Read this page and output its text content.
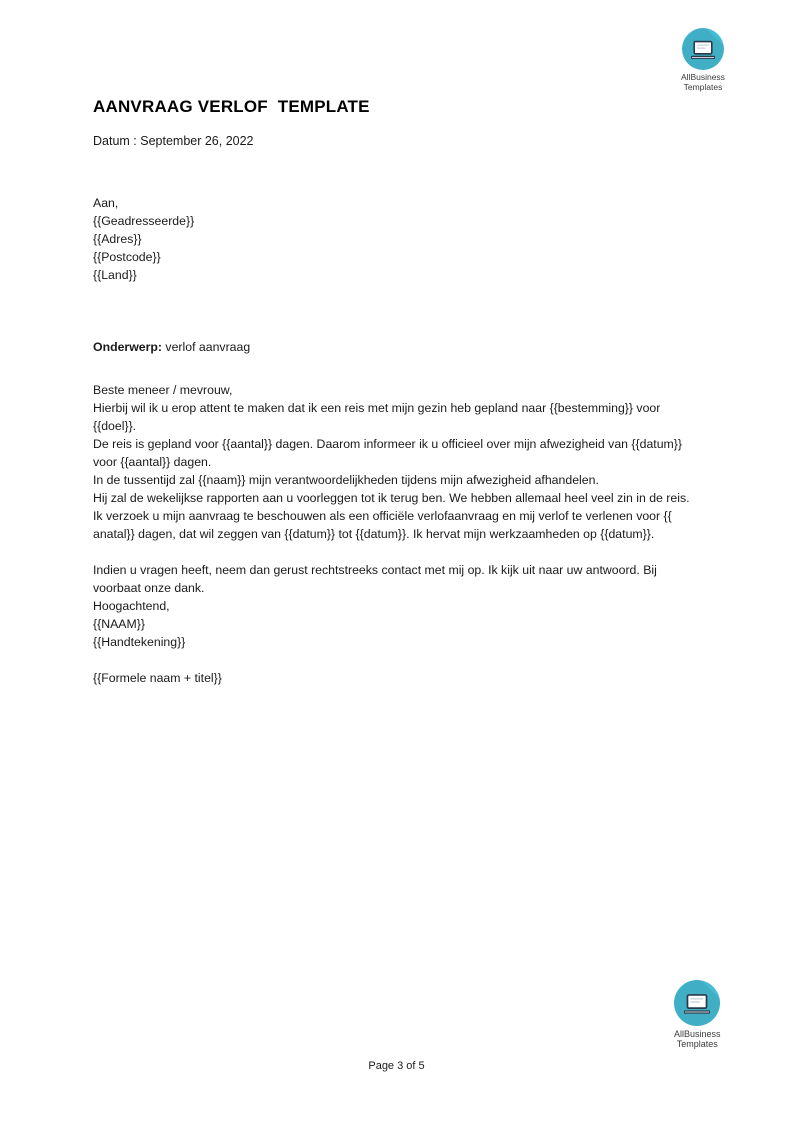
AllBusiness
Templates
AANVRAAG VERLOF  TEMPLATE
Datum : September 26, 2022

Aan,

{{Geadresseerde}}

{{Adres}}

{{Postcode}}

{{Land}}

Onderwerp: verlof aanvraag

Beste meneer / mevrouw,

Hierbij wil ik u erop attent te maken dat ik een reis met mijn gezin heb gepland naar {{bestemming}} voor {{doel}}.

De reis is gepland voor {{aantal}} dagen. Daarom informeer ik u officieel over mijn afwezigheid van {{datum}} voor {{aantal}} dagen.

In de tussentijd zal {{naam}} mijn verantwoordelijkheden tijdens mijn afwezigheid afhandelen.

Hij zal de wekelijkse rapporten aan u voorleggen tot ik terug ben. We hebben allemaal heel veel zin in de reis. Ik verzoek u mijn aanvraag te beschouwen als een officiële verlofaanvraag en mij verlof te verlenen voor {{ anatal}} dagen, dat wil zeggen van {{datum}} tot {{datum}}. Ik hervat mijn werkzaamheden op {{datum}}.

Indien u vragen heeft, neem dan gerust rechtstreeks contact met mij op. Ik kijk uit naar uw antwoord. Bij voorbaat onze dank.

Hoogachtend,

{{NAAM}}

{{Handtekening}}

{{Formele naam + titel}}

AllBusiness
Templates
Page 3 of 5
